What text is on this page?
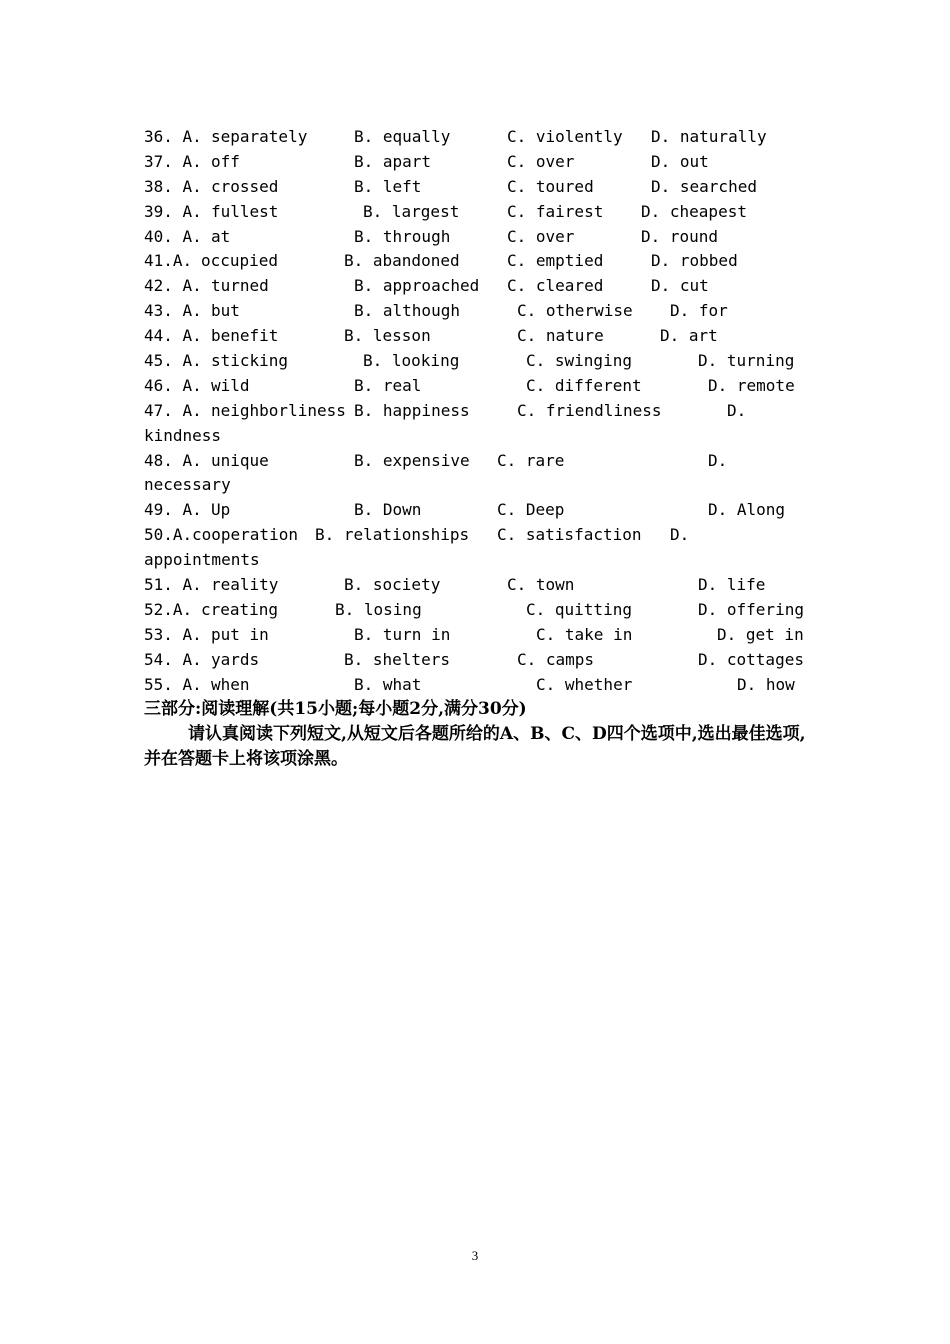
36. A. separately	B. equally	C. violently D. naturally
37. A. off	B. apart	C. over	D. out
38. A. crossed	B. left	C. toured	D. searched
39. A. fullest	B. largest	C. fairest D. cheapest
40. A. at	B. through	C. over	D. round
41.A. occupied	B. abandoned	C. emptied	D. robbed
42. A. turned	B. approached C. cleared	D. cut
43. A. but	B. although	C. otherwise D. for
44. A. benefit	B. lesson	C. nature	D. art
45. A. sticking	B. looking	C. swinging	D. turning
46. A. wild	B. real	C. different	D. remote
47. A. neighborliness B. happiness	C. friendliness	D.
kindness
48. A. unique	B. expensive C. rare	D.
necessary
49. A. Up	B. Down	C. Deep	D. Along
50.A. cooperation B. relationships C. satisfaction D.
appointments
51. A. reality	B. society	C. town	D. life
52.A. creating	B. losing	C. quitting	D. offering
53. A. put in	B. turn in	C. take in	D. get in
54. A. yards	B. shelters	C. camps	D. cottages
55. A. when	B. what	C. whether	D. how
三部分:阅读理解(共15小题;每小题2分,满分30分)
请认真阅读下列短文,从短文后各题所给的A、B、C、D四个选项中,选出最佳选项,并在答题卡上将该项涂黑。
3
